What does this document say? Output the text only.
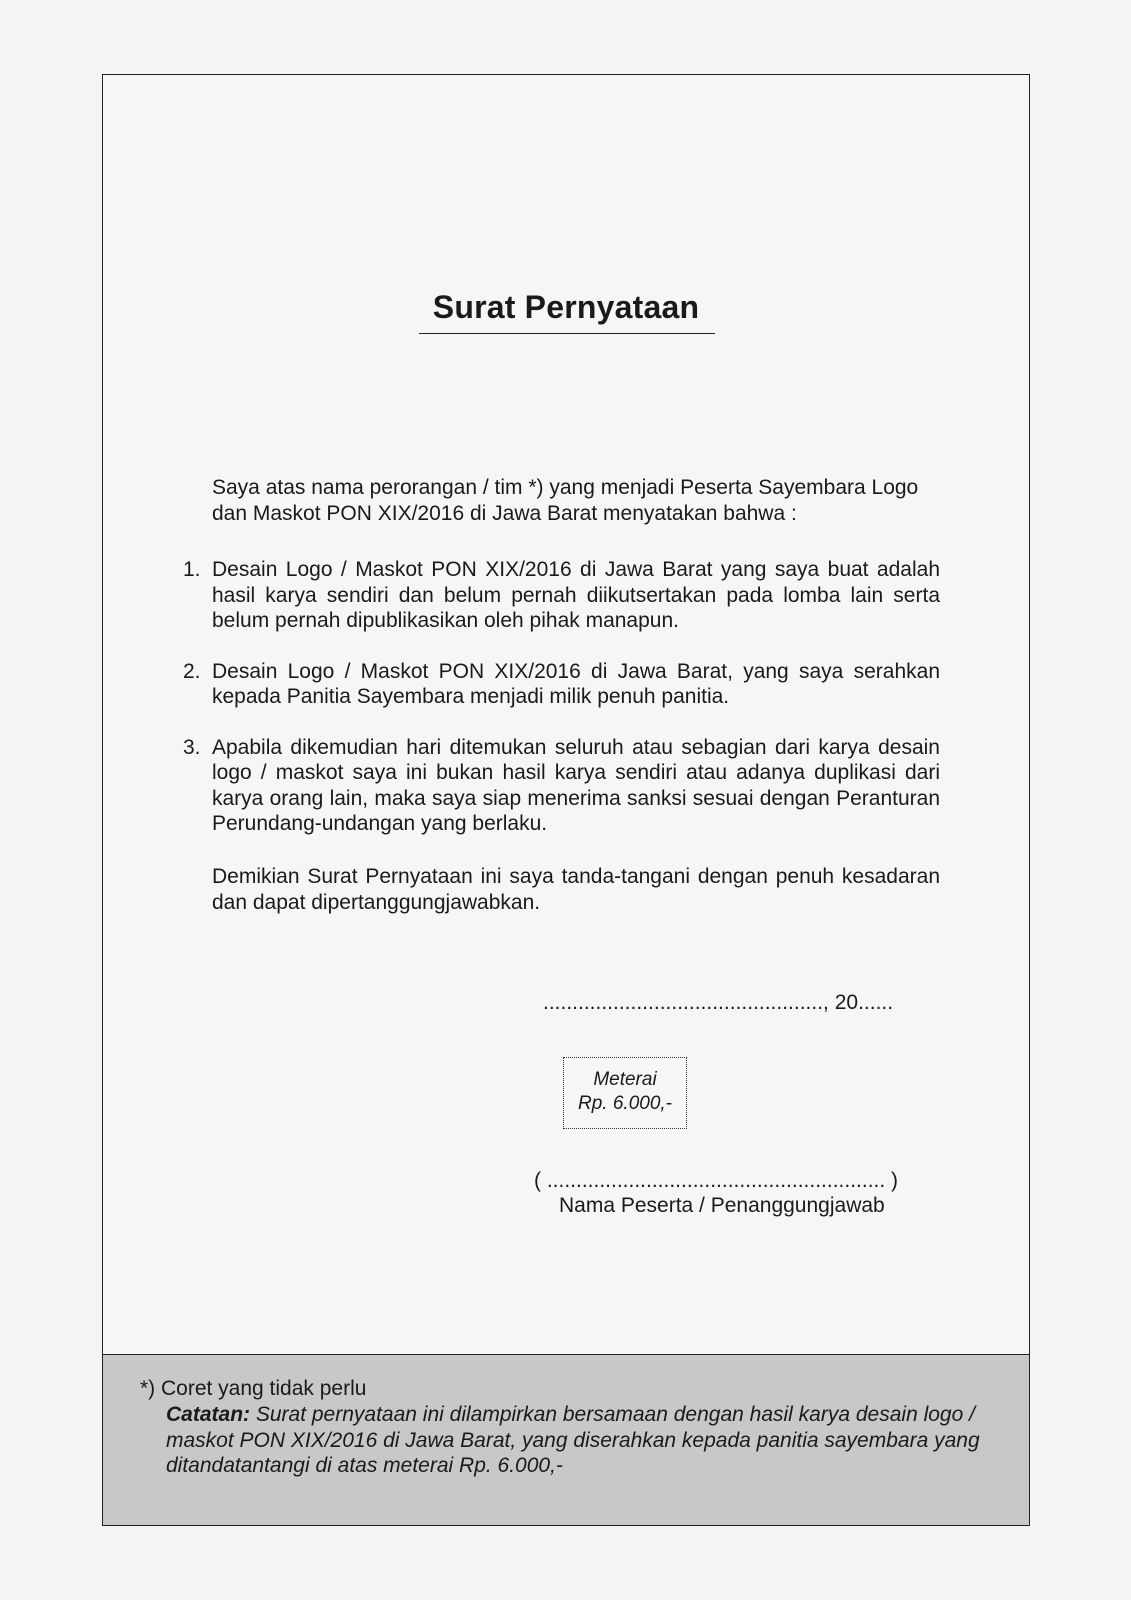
Surat Pernyataan
Saya atas nama perorangan / tim *) yang menjadi Peserta Sayembara Logo dan Maskot PON XIX/2016 di Jawa Barat menyatakan bahwa :
1. Desain Logo / Maskot PON XIX/2016 di Jawa Barat yang saya buat adalah hasil karya sendiri dan belum pernah diikutsertakan pada lomba lain serta belum pernah dipublikasikan oleh pihak manapun.
2. Desain Logo / Maskot PON XIX/2016 di Jawa Barat, yang saya serahkan kepada Panitia Sayembara menjadi milik penuh panitia.
3. Apabila dikemudian hari ditemukan seluruh atau sebagian dari karya desain logo / maskot saya ini bukan hasil karya sendiri atau adanya duplikasi dari karya orang lain, maka saya siap menerima sanksi sesuai dengan Peranturan Perundang-undangan yang berlaku.
Demikian Surat Pernyataan ini saya tanda-tangani dengan penuh kesadaran dan dapat dipertanggungjawabkan.
................................................, 20......
Meterai
Rp. 6.000,-
( .......................................................... )
Nama Peserta / Penanggungjawab
*) Coret yang tidak perlu
Catatan: Surat pernyataan ini dilampirkan bersamaan dengan hasil karya desain logo / maskot PON XIX/2016 di Jawa Barat, yang diserahkan kepada panitia sayembara yang ditandatantangi di atas meterai Rp. 6.000,-
